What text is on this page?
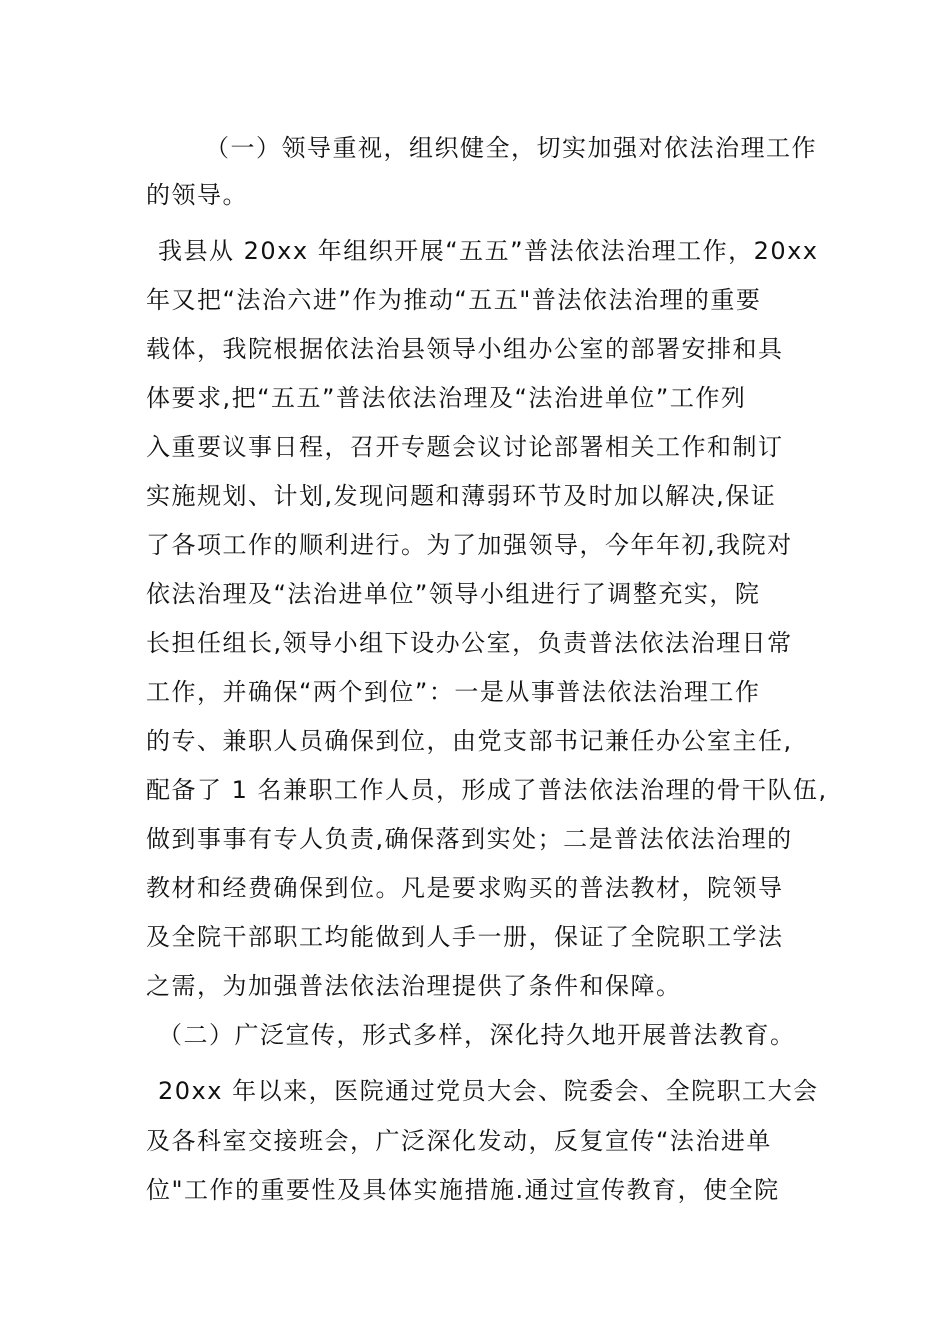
（一）领导重视，组织健全，切实加强对依法治理工作
的领导。
我县从 20xx 年组织开展“五五”普法依法治理工作，20xx
年又把“法治六进”作为推动“五五"普法依法治理的重要
载体，我院根据依法治县领导小组办公室的部署安排和具
体要求,把“五五”普法依法治理及“法治进单位”工作列
入重要议事日程，召开专题会议讨论部署相关工作和制订
实施规划、计划,发现问题和薄弱环节及时加以解决,保证
了各项工作的顺利进行。为了加强领导，今年年初,我院对
依法治理及“法治进单位”领导小组进行了调整充实，院
长担任组长,领导小组下设办公室，负责普法依法治理日常
工作，并确保“两个到位”：一是从事普法依法治理工作
的专、兼职人员确保到位，由党支部书记兼任办公室主任,
配备了 1 名兼职工作人员，形成了普法依法治理的骨干队伍,
做到事事有专人负责,确保落到实处；二是普法依法治理的
教材和经费确保到位。凡是要求购买的普法教材，院领导
及全院干部职工均能做到人手一册，保证了全院职工学法
之需，为加强普法依法治理提供了条件和保障。
（二）广泛宣传，形式多样，深化持久地开展普法教育。
20xx 年以来，医院通过党员大会、院委会、全院职工大会
及各科室交接班会，广泛深化发动，反复宣传“法治进单
位"工作的重要性及具体实施措施.通过宣传教育，使全院
